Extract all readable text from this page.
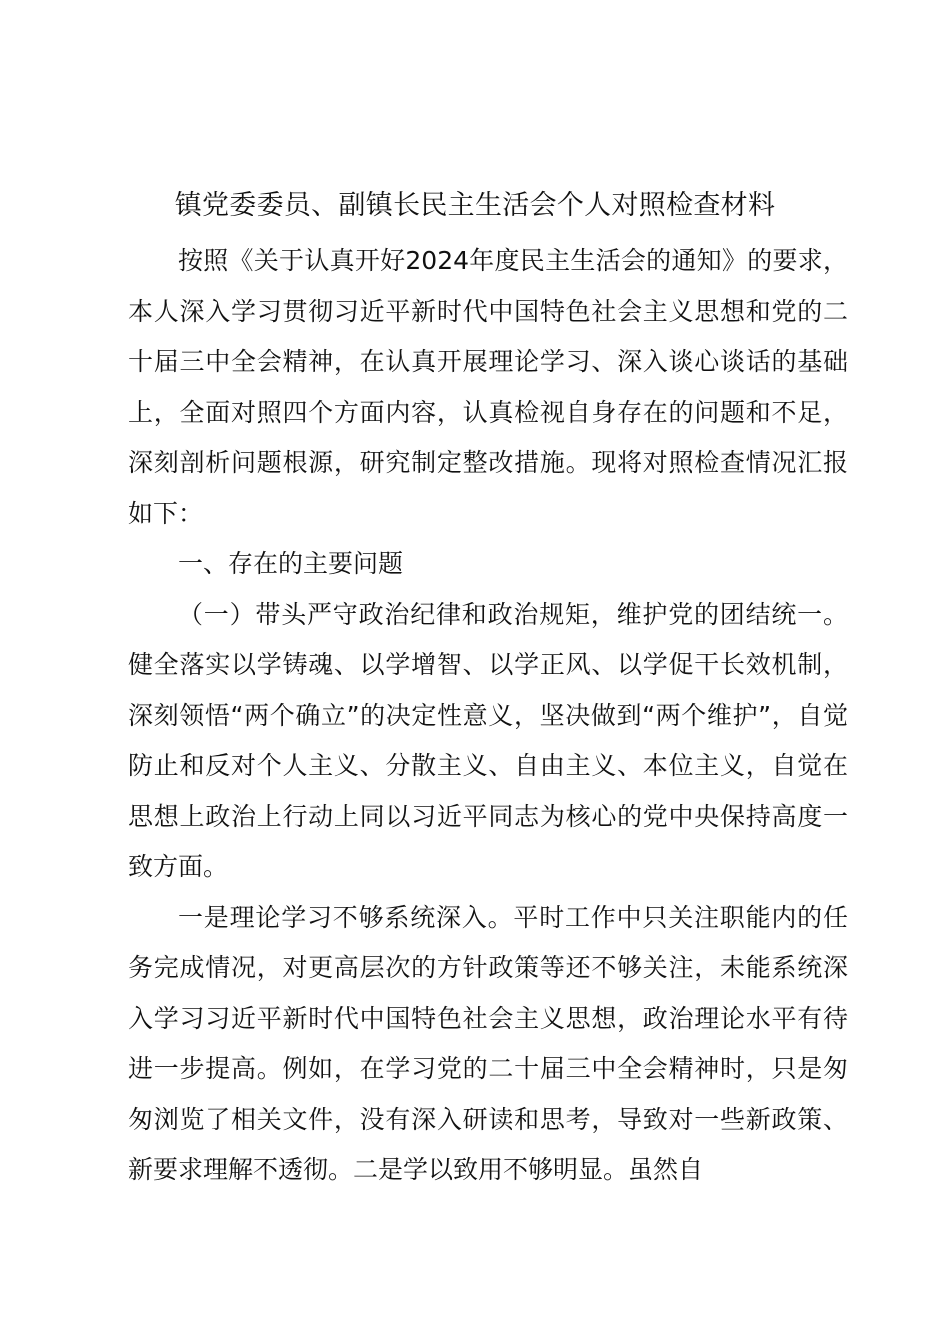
镇党委委员、副镇长民主生活会个人对照检查材料

按照《关于认真开好2024年度民主生活会的通知》的要求，本人深入学习贯彻习近平新时代中国特色社会主义思想和党的二十届三中全会精神，在认真开展理论学习、深入谈心谈话的基础上，全面对照四个方面内容，认真检视自身存在的问题和不足，深刻剖析问题根源，研究制定整改措施。现将对照检查情况汇报如下：

一、存在的主要问题

（一）带头严守政治纪律和政治规矩，维护党的团结统一。健全落实以学铸魂、以学增智、以学正风、以学促干长效机制，深刻领悟“两个确立”的决定性意义，坚决做到“两个维护”，自觉防止和反对个人主义、分散主义、自由主义、本位主义，自觉在思想上政治上行动上同以习近平同志为核心的党中央保持高度一致方面。

一是理论学习不够系统深入。平时工作中只关注职能内的任务完成情况，对更高层次的方针政策等还不够关注，未能系统深入学习习近平新时代中国特色社会主义思想，政治理论水平有待进一步提高。例如，在学习党的二十届三中全会精神时，只是匆匆浏览了相关文件，没有深入研读和思考，导致对一些新政策、新要求理解不透彻。二是学以致用不够明显。虽然自
